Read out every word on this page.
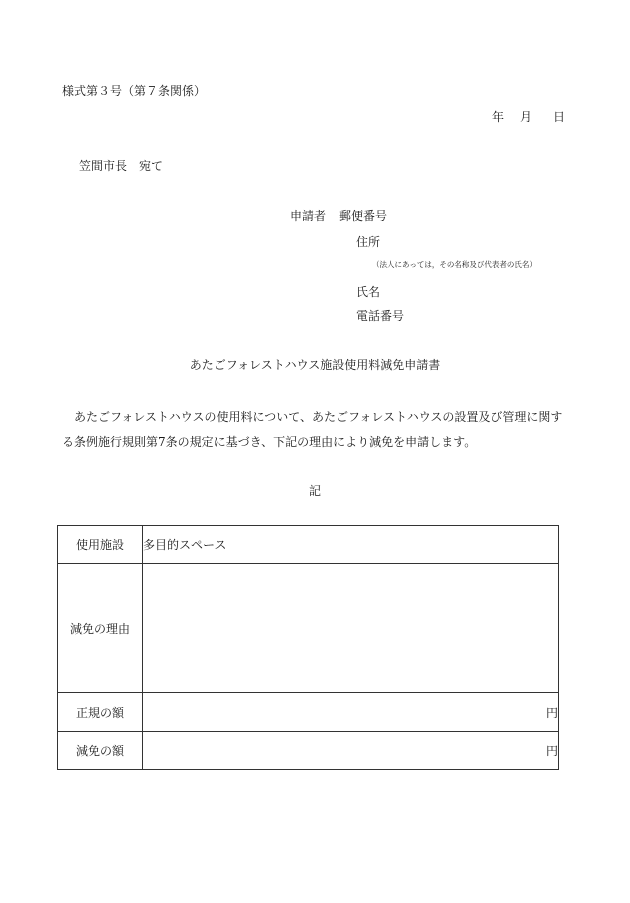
様式第３号（第７条関係）
年 月 日
笠間市長　宛て
申請者 郵便番号
住所
（法人にあっては，その名称及び代表者の氏名）
氏名
電話番号
あたごフォレストハウス施設使用料減免申請書
あたごフォレストハウスの使用料について、あたごフォレストハウスの設置及び管理に関する条例施行規則第7条の規定に基づき、下記の理由により減免を申請します。
記
使用施設	多目的スペース
減免の理由	
正規の額	円
減免の額	円
